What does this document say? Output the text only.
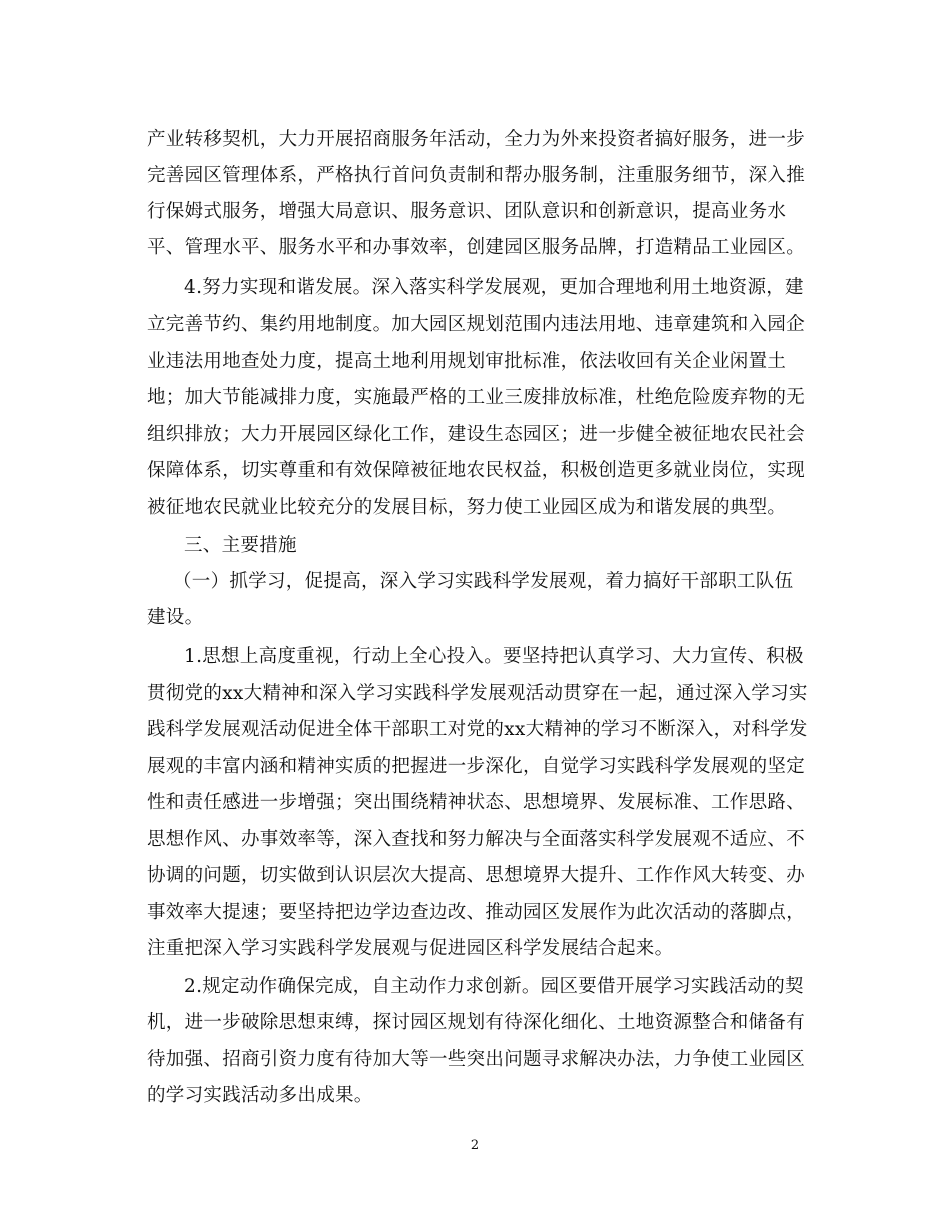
产业转移契机，大力开展招商服务年活动，全力为外来投资者搞好服务，进一步
完善园区管理体系，严格执行首问负责制和帮办服务制，注重服务细节，深入推
行保姆式服务，增强大局意识、服务意识、团队意识和创新意识，提高业务水
平、管理水平、服务水平和办事效率，创建园区服务品牌，打造精品工业园区。
4.努力实现和谐发展。深入落实科学发展观，更加合理地利用土地资源，建
立完善节约、集约用地制度。加大园区规划范围内违法用地、违章建筑和入园企
业违法用地查处力度，提高土地利用规划审批标准，依法收回有关企业闲置土
地；加大节能减排力度，实施最严格的工业三废排放标准，杜绝危险废弃物的无
组织排放；大力开展园区绿化工作，建设生态园区；进一步健全被征地农民社会
保障体系，切实尊重和有效保障被征地农民权益，积极创造更多就业岗位，实现
被征地农民就业比较充分的发展目标，努力使工业园区成为和谐发展的典型。
三、主要措施
（一）抓学习，促提高，深入学习实践科学发展观，着力搞好干部职工队伍
建设。
1.思想上高度重视，行动上全心投入。要坚持把认真学习、大力宣传、积极
贯彻党的xx大精神和深入学习实践科学发展观活动贯穿在一起，通过深入学习实
践科学发展观活动促进全体干部职工对党的xx大精神的学习不断深入，对科学发
展观的丰富内涵和精神实质的把握进一步深化，自觉学习实践科学发展观的坚定
性和责任感进一步增强；突出围绕精神状态、思想境界、发展标准、工作思路、
思想作风、办事效率等，深入查找和努力解决与全面落实科学发展观不适应、不
协调的问题，切实做到认识层次大提高、思想境界大提升、工作作风大转变、办
事效率大提速；要坚持把边学边查边改、推动园区发展作为此次活动的落脚点，
注重把深入学习实践科学发展观与促进园区科学发展结合起来。
2.规定动作确保完成，自主动作力求创新。园区要借开展学习实践活动的契
机，进一步破除思想束缚，探讨园区规划有待深化细化、土地资源整合和储备有
待加强、招商引资力度有待加大等一些突出问题寻求解决办法，力争使工业园区
的学习实践活动多出成果。
2
